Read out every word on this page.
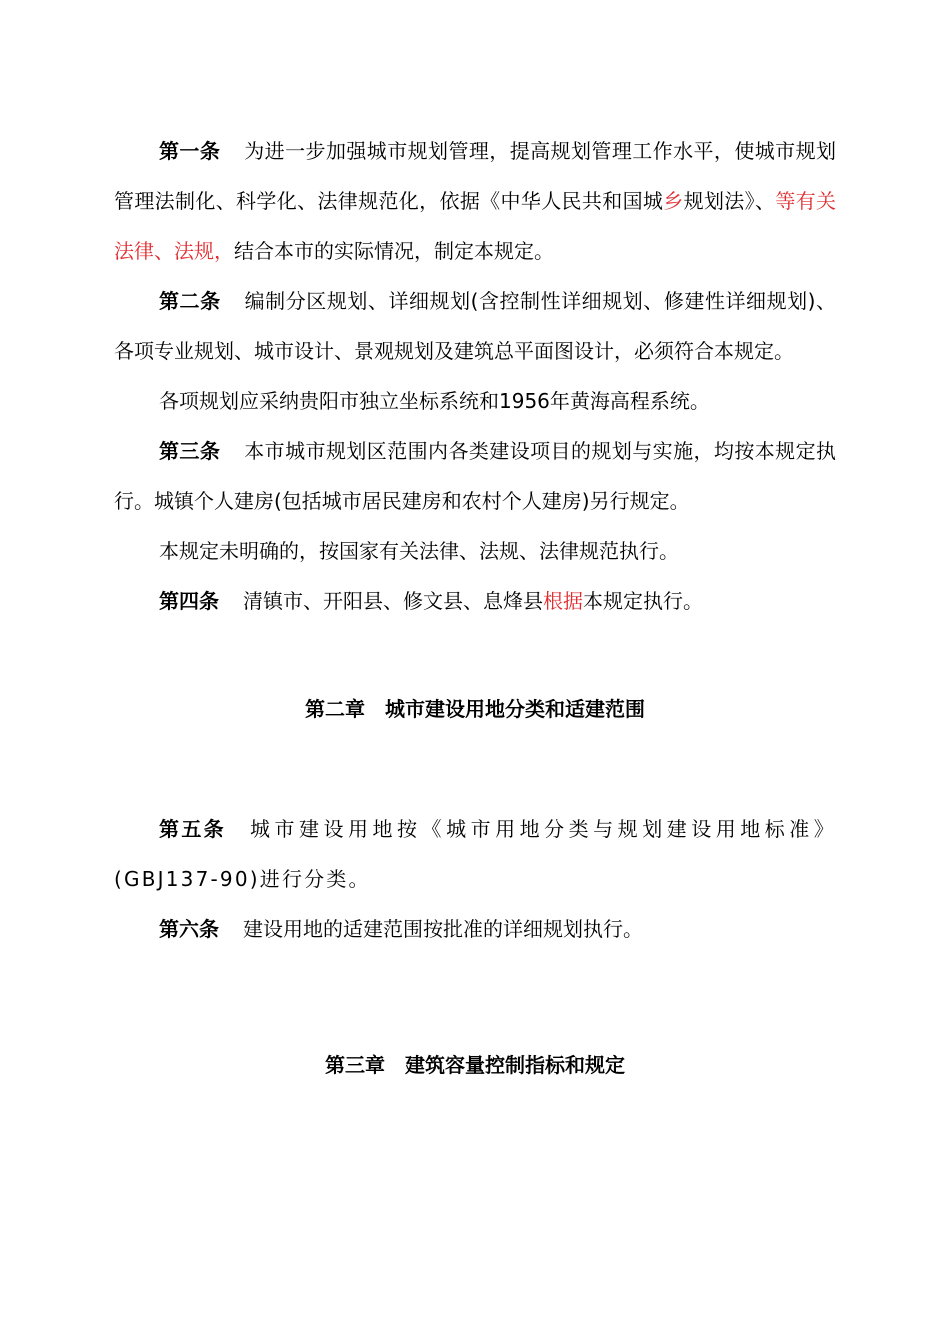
第一条 为进一步加强城市规划管理，提高规划管理工作水平，使城市规划管理法制化、科学化、法律规范化，依据《中华人民共和国城乡规划法》、等有关法律、法规，结合本市的实际情况，制定本规定。

第二条 编制分区规划、详细规划(含控制性详细规划、修建性详细规划)、各项专业规划、城市设计、景观规划及建筑总平面图设计，必须符合本规定。

各项规划应采纳贵阳市独立坐标系统和1956年黄海高程系统。

第三条 本市城市规划区范围内各类建设项目的规划与实施，均按本规定执行。城镇个人建房(包括城市居民建房和农村个人建房)另行规定。

本规定未明确的，按国家有关法律、法规、法律规范执行。

第四条 清镇市、开阳县、修文县、息烽县根据本规定执行。

第二章　城市建设用地分类和适建范围

第五条 城市建设用地按《城市用地分类与规划建设用地标准》(GBJ137-90)进行分类。

第六条 建设用地的适建范围按批准的详细规划执行。

第三章　建筑容量控制指标和规定
